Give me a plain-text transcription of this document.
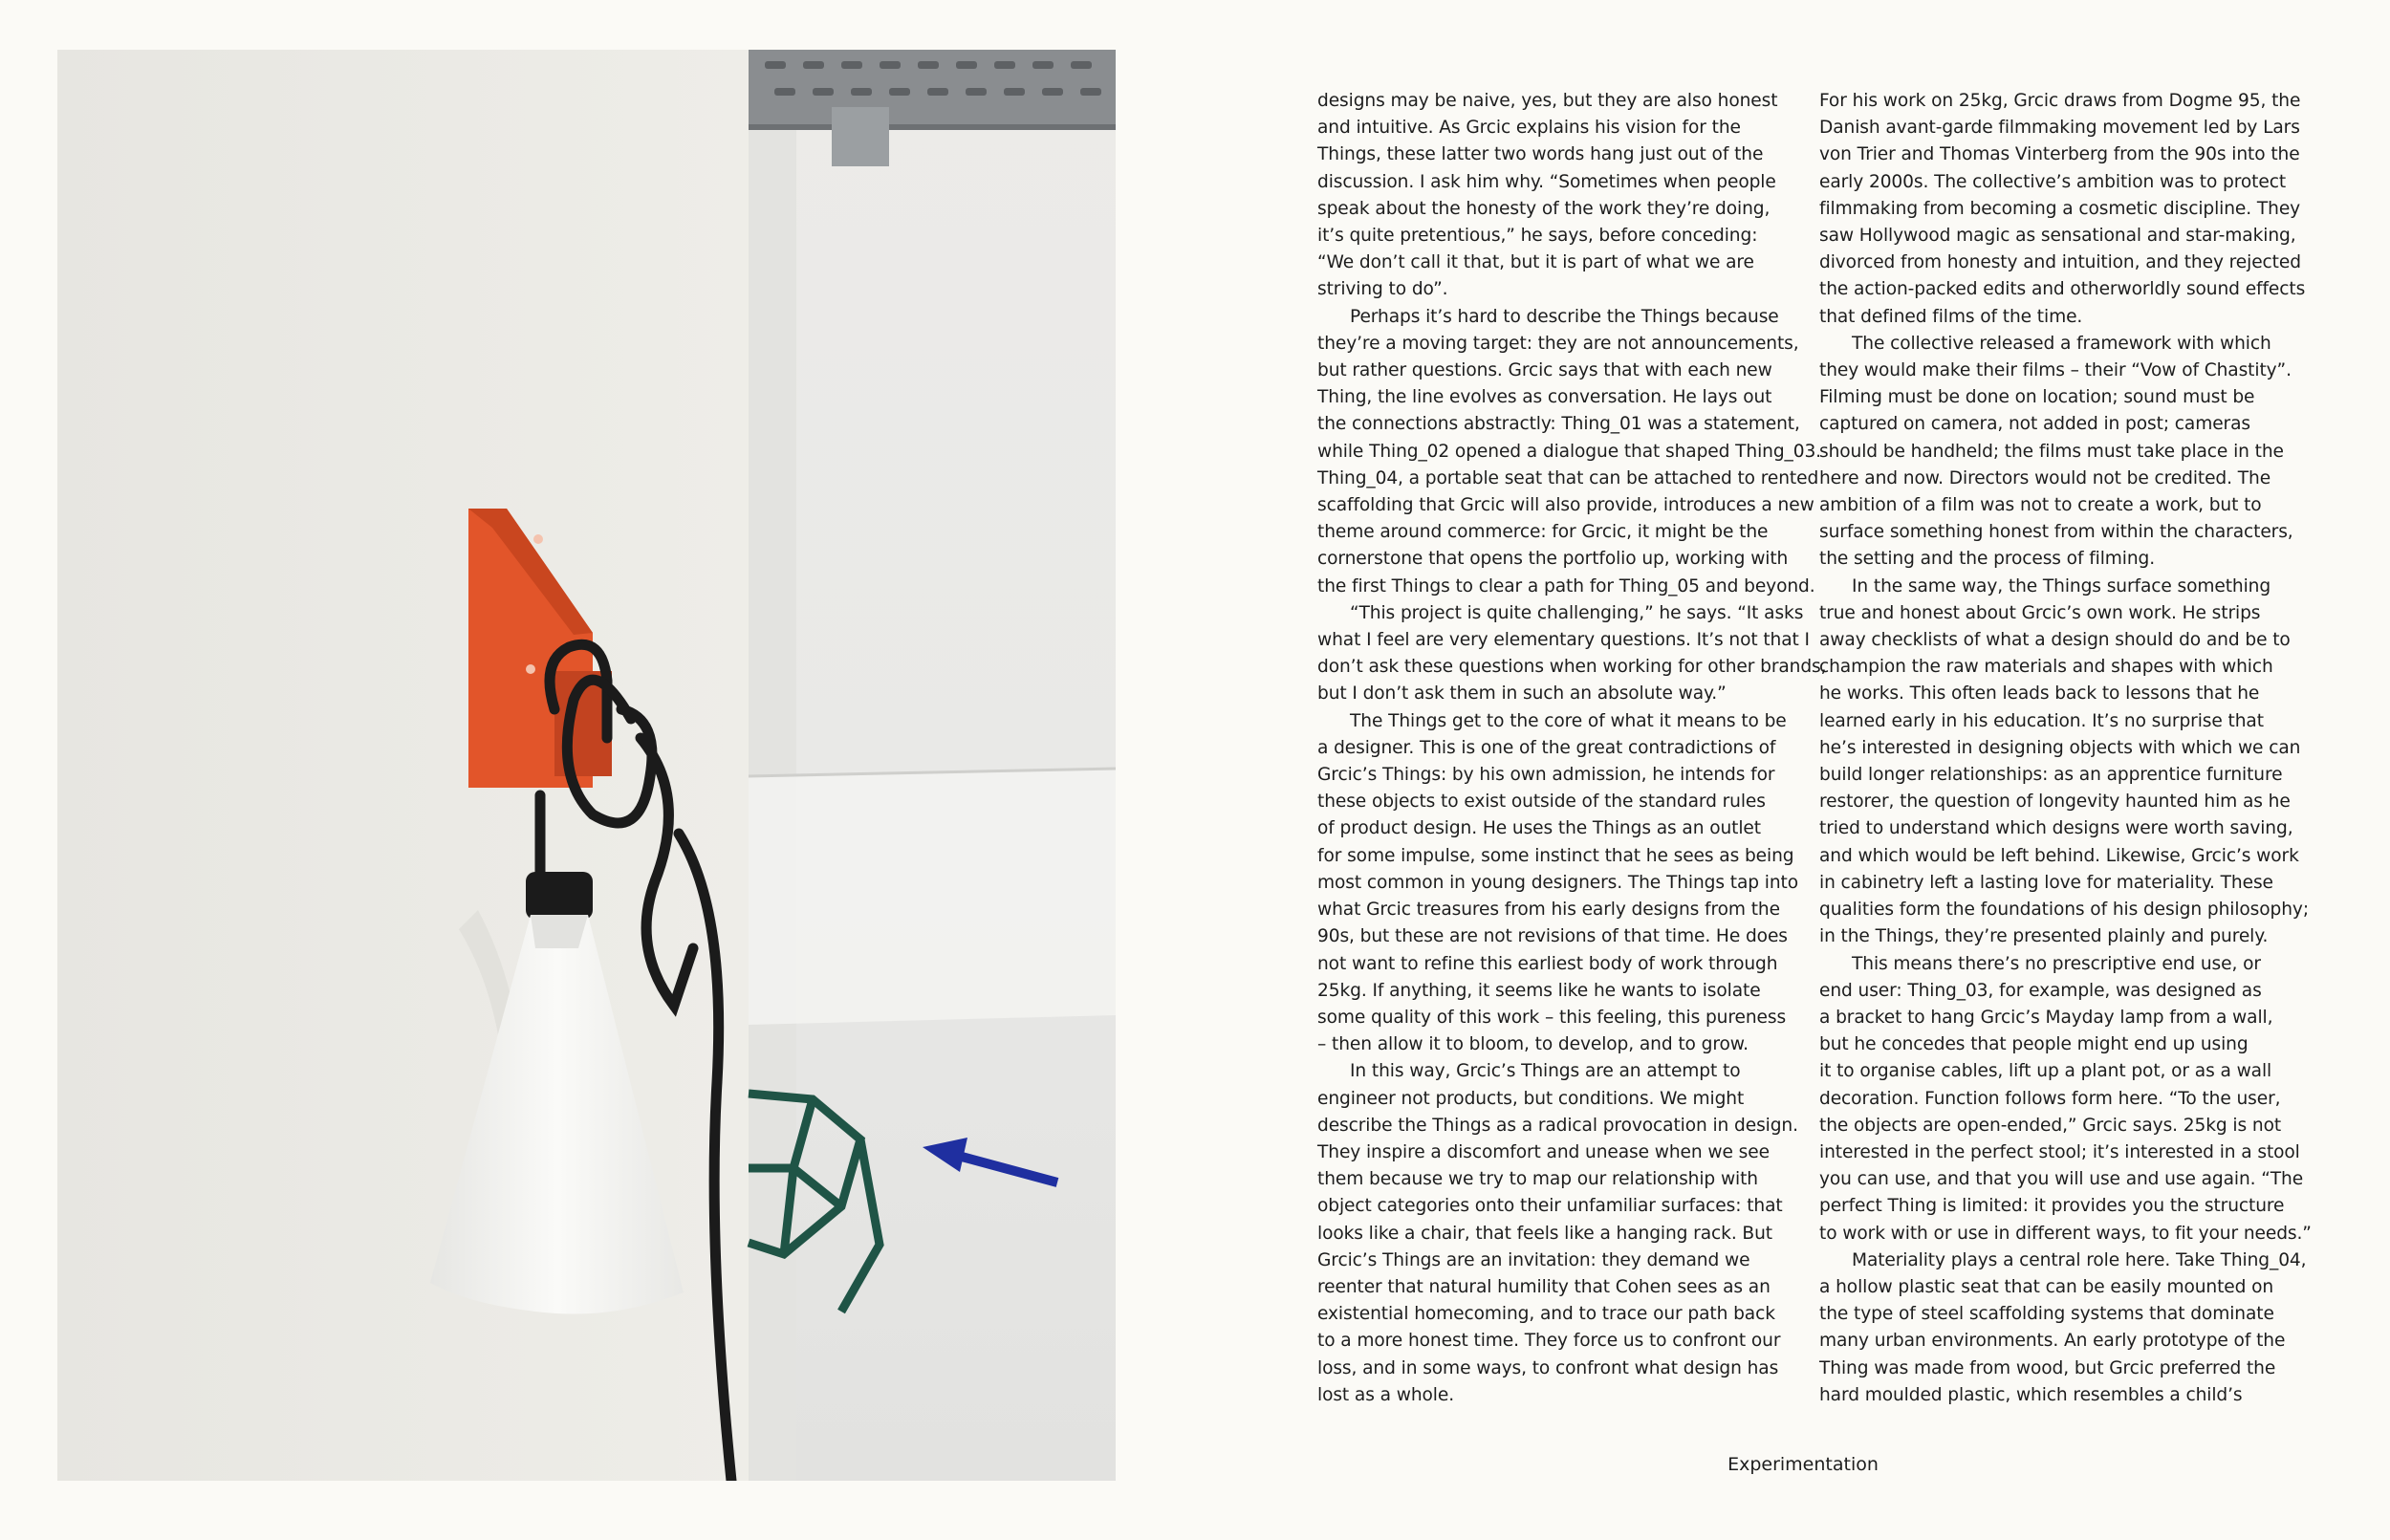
designs may be naive, yes, but they are also honest

and intuitive. As Grcic explains his vision for the

Things, these latter two words hang just out of the

discussion. I ask him why. “Sometimes when people

speak about the honesty of the work they’re doing,

it’s quite pretentious,” he says, before conceding:

“We don’t call it that, but it is part of what we are

striving to do”.

Perhaps it’s hard to describe the Things because

they’re a moving target: they are not announcements,

but rather questions. Grcic says that with each new

Thing, the line evolves as conversation. He lays out

the connections abstractly: Thing_01 was a statement,

while Thing_02 opened a dialogue that shaped Thing_03.

Thing_04, a portable seat that can be attached to rented

scaffolding that Grcic will also provide, introduces a new

theme around commerce: for Grcic, it might be the

cornerstone that opens the portfolio up, working with

the first Things to clear a path for Thing_05 and beyond.

“This project is quite challenging,” he says. “It asks

what I feel are very elementary questions. It’s not that I

don’t ask these questions when working for other brands,

but I don’t ask them in such an absolute way.”

The Things get to the core of what it means to be

a designer. This is one of the great contradictions of

Grcic’s Things: by his own admission, he intends for

these objects to exist outside of the standard rules

of product design. He uses the Things as an outlet

for some impulse, some instinct that he sees as being

most common in young designers. The Things tap into

what Grcic treasures from his early designs from the

90s, but these are not revisions of that time. He does

not want to refine this earliest body of work through

25kg. If anything, it seems like he wants to isolate

some quality of this work – this feeling, this pureness

– then allow it to bloom, to develop, and to grow.

In this way, Grcic’s Things are an attempt to

engineer not products, but conditions. We might

describe the Things as a radical provocation in design.

They inspire a discomfort and unease when we see

them because we try to map our relationship with

object categories onto their unfamiliar surfaces: that

looks like a chair, that feels like a hanging rack. But

Grcic’s Things are an invitation: they demand we

reenter that natural humility that Cohen sees as an

existential homecoming, and to trace our path back

to a more honest time. They force us to confront our

loss, and in some ways, to confront what design has

lost as a whole.

For his work on 25kg, Grcic draws from Dogme 95, the

Danish avant-garde filmmaking movement led by Lars

von Trier and Thomas Vinterberg from the 90s into the

early 2000s. The collective’s ambition was to protect

filmmaking from becoming a cosmetic discipline. They

saw Hollywood magic as sensational and star-making,

divorced from honesty and intuition, and they rejected

the action-packed edits and otherworldly sound effects

that defined films of the time.

The collective released a framework with which

they would make their films – their “Vow of Chastity”.

Filming must be done on location; sound must be

captured on camera, not added in post; cameras

should be handheld; the films must take place in the

here and now. Directors would not be credited. The

ambition of a film was not to create a work, but to

surface something honest from within the characters,

the setting and the process of filming.

In the same way, the Things surface something

true and honest about Grcic’s own work. He strips

away checklists of what a design should do and be to

champion the raw materials and shapes with which

he works. This often leads back to lessons that he

learned early in his education. It’s no surprise that

he’s interested in designing objects with which we can

build longer relationships: as an apprentice furniture

restorer, the question of longevity haunted him as he

tried to understand which designs were worth saving,

and which would be left behind. Likewise, Grcic’s work

in cabinetry left a lasting love for materiality. These

qualities form the foundations of his design philosophy;

in the Things, they’re presented plainly and purely.

This means there’s no prescriptive end use, or

end user: Thing_03, for example, was designed as

a bracket to hang Grcic’s Mayday lamp from a wall,

but he concedes that people might end up using

it to organise cables, lift up a plant pot, or as a wall

decoration. Function follows form here. “To the user,

the objects are open-ended,” Grcic says. 25kg is not

interested in the perfect stool; it’s interested in a stool

you can use, and that you will use and use again. “The

perfect Thing is limited: it provides you the structure

to work with or use in different ways, to fit your needs.”

Materiality plays a central role here. Take Thing_04,

a hollow plastic seat that can be easily mounted on

the type of steel scaffolding systems that dominate

many urban environments. An early prototype of the

Thing was made from wood, but Grcic preferred the

hard moulded plastic, which resembles a child’s

Experimentation
